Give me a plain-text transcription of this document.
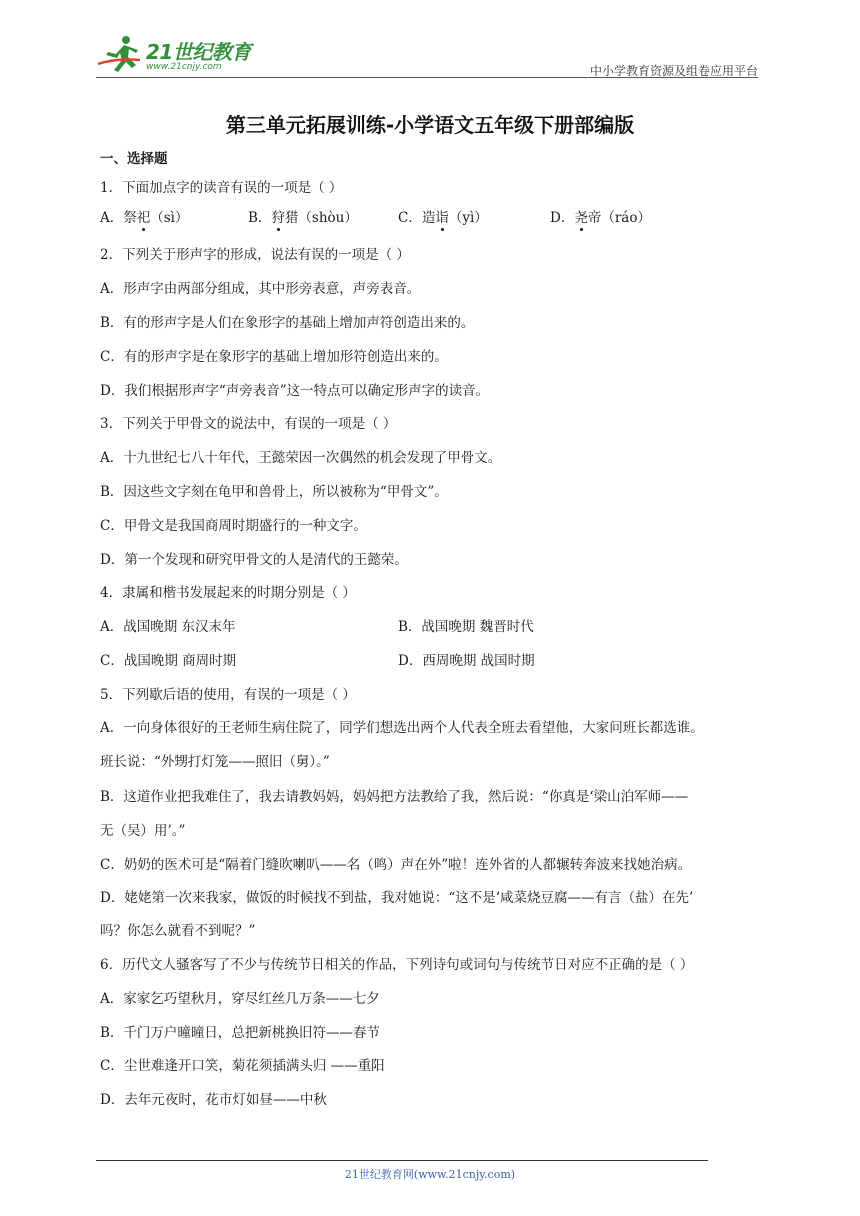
21世纪教育
www.21cnjy.com	中小学教育资源及组卷应用平台
第三单元拓展训练-小学语文五年级下册部编版
一、选择题
1．下面加点字的读音有误的一项是（ ）
A．祭祀（sì）	B．狩猎（shòu）	C．造诣（yì）	D．尧帝（ráo）
2．下列关于形声字的形成，说法有误的一项是（ ）
A．形声字由两部分组成，其中形旁表意，声旁表音。
B．有的形声字是人们在象形字的基础上增加声符创造出来的。
C．有的形声字是在象形字的基础上增加形符创造出来的。
D．我们根据形声字“声旁表音”这一特点可以确定形声字的读音。
3．下列关于甲骨文的说法中，有误的一项是（ ）
A．十九世纪七八十年代，王懿荣因一次偶然的机会发现了甲骨文。
B．因这些文字刻在龟甲和兽骨上，所以被称为“甲骨文”。
C．甲骨文是我国商周时期盛行的一种文字。
D．第一个发现和研究甲骨文的人是清代的王懿荣。
4．隶属和楷书发展起来的时期分别是（ ）
A．战国晚期 东汉末年	B．战国晚期 魏晋时代
C．战国晚期 商周时期	D．西周晚期 战国时期
5．下列歇后语的使用，有误的一项是（ ）
A．一向身体很好的王老师生病住院了，同学们想选出两个人代表全班去看望他，大家问班长都选谁。
班长说：“外甥打灯笼——照旧（舅）。”
B．这道作业把我难住了，我去请教妈妈，妈妈把方法教给了我，然后说：“你真是‘梁山泊军师——
无（吴）用’。”
C．奶奶的医术可是“隔着门缝吹喇叭——名（鸣）声在外”啦！连外省的人都辗转奔波来找她治病。
D．姥姥第一次来我家，做饭的时候找不到盐，我对她说：“这不是‘咸菜烧豆腐——有言（盐）在先’
吗？你怎么就看不到呢？”
6．历代文人骚客写了不少与传统节日相关的作品，下列诗句或词句与传统节日对应不正确的是（ ）
A．家家乞巧望秋月，穿尽红丝几万条——七夕
B．千门万户曈曈日，总把新桃换旧符——春节
C．尘世难逢开口笑，菊花须插满头归 ——重阳
D．去年元夜时，花市灯如昼——中秋
21世纪教育网(www.21cnjy.com)
